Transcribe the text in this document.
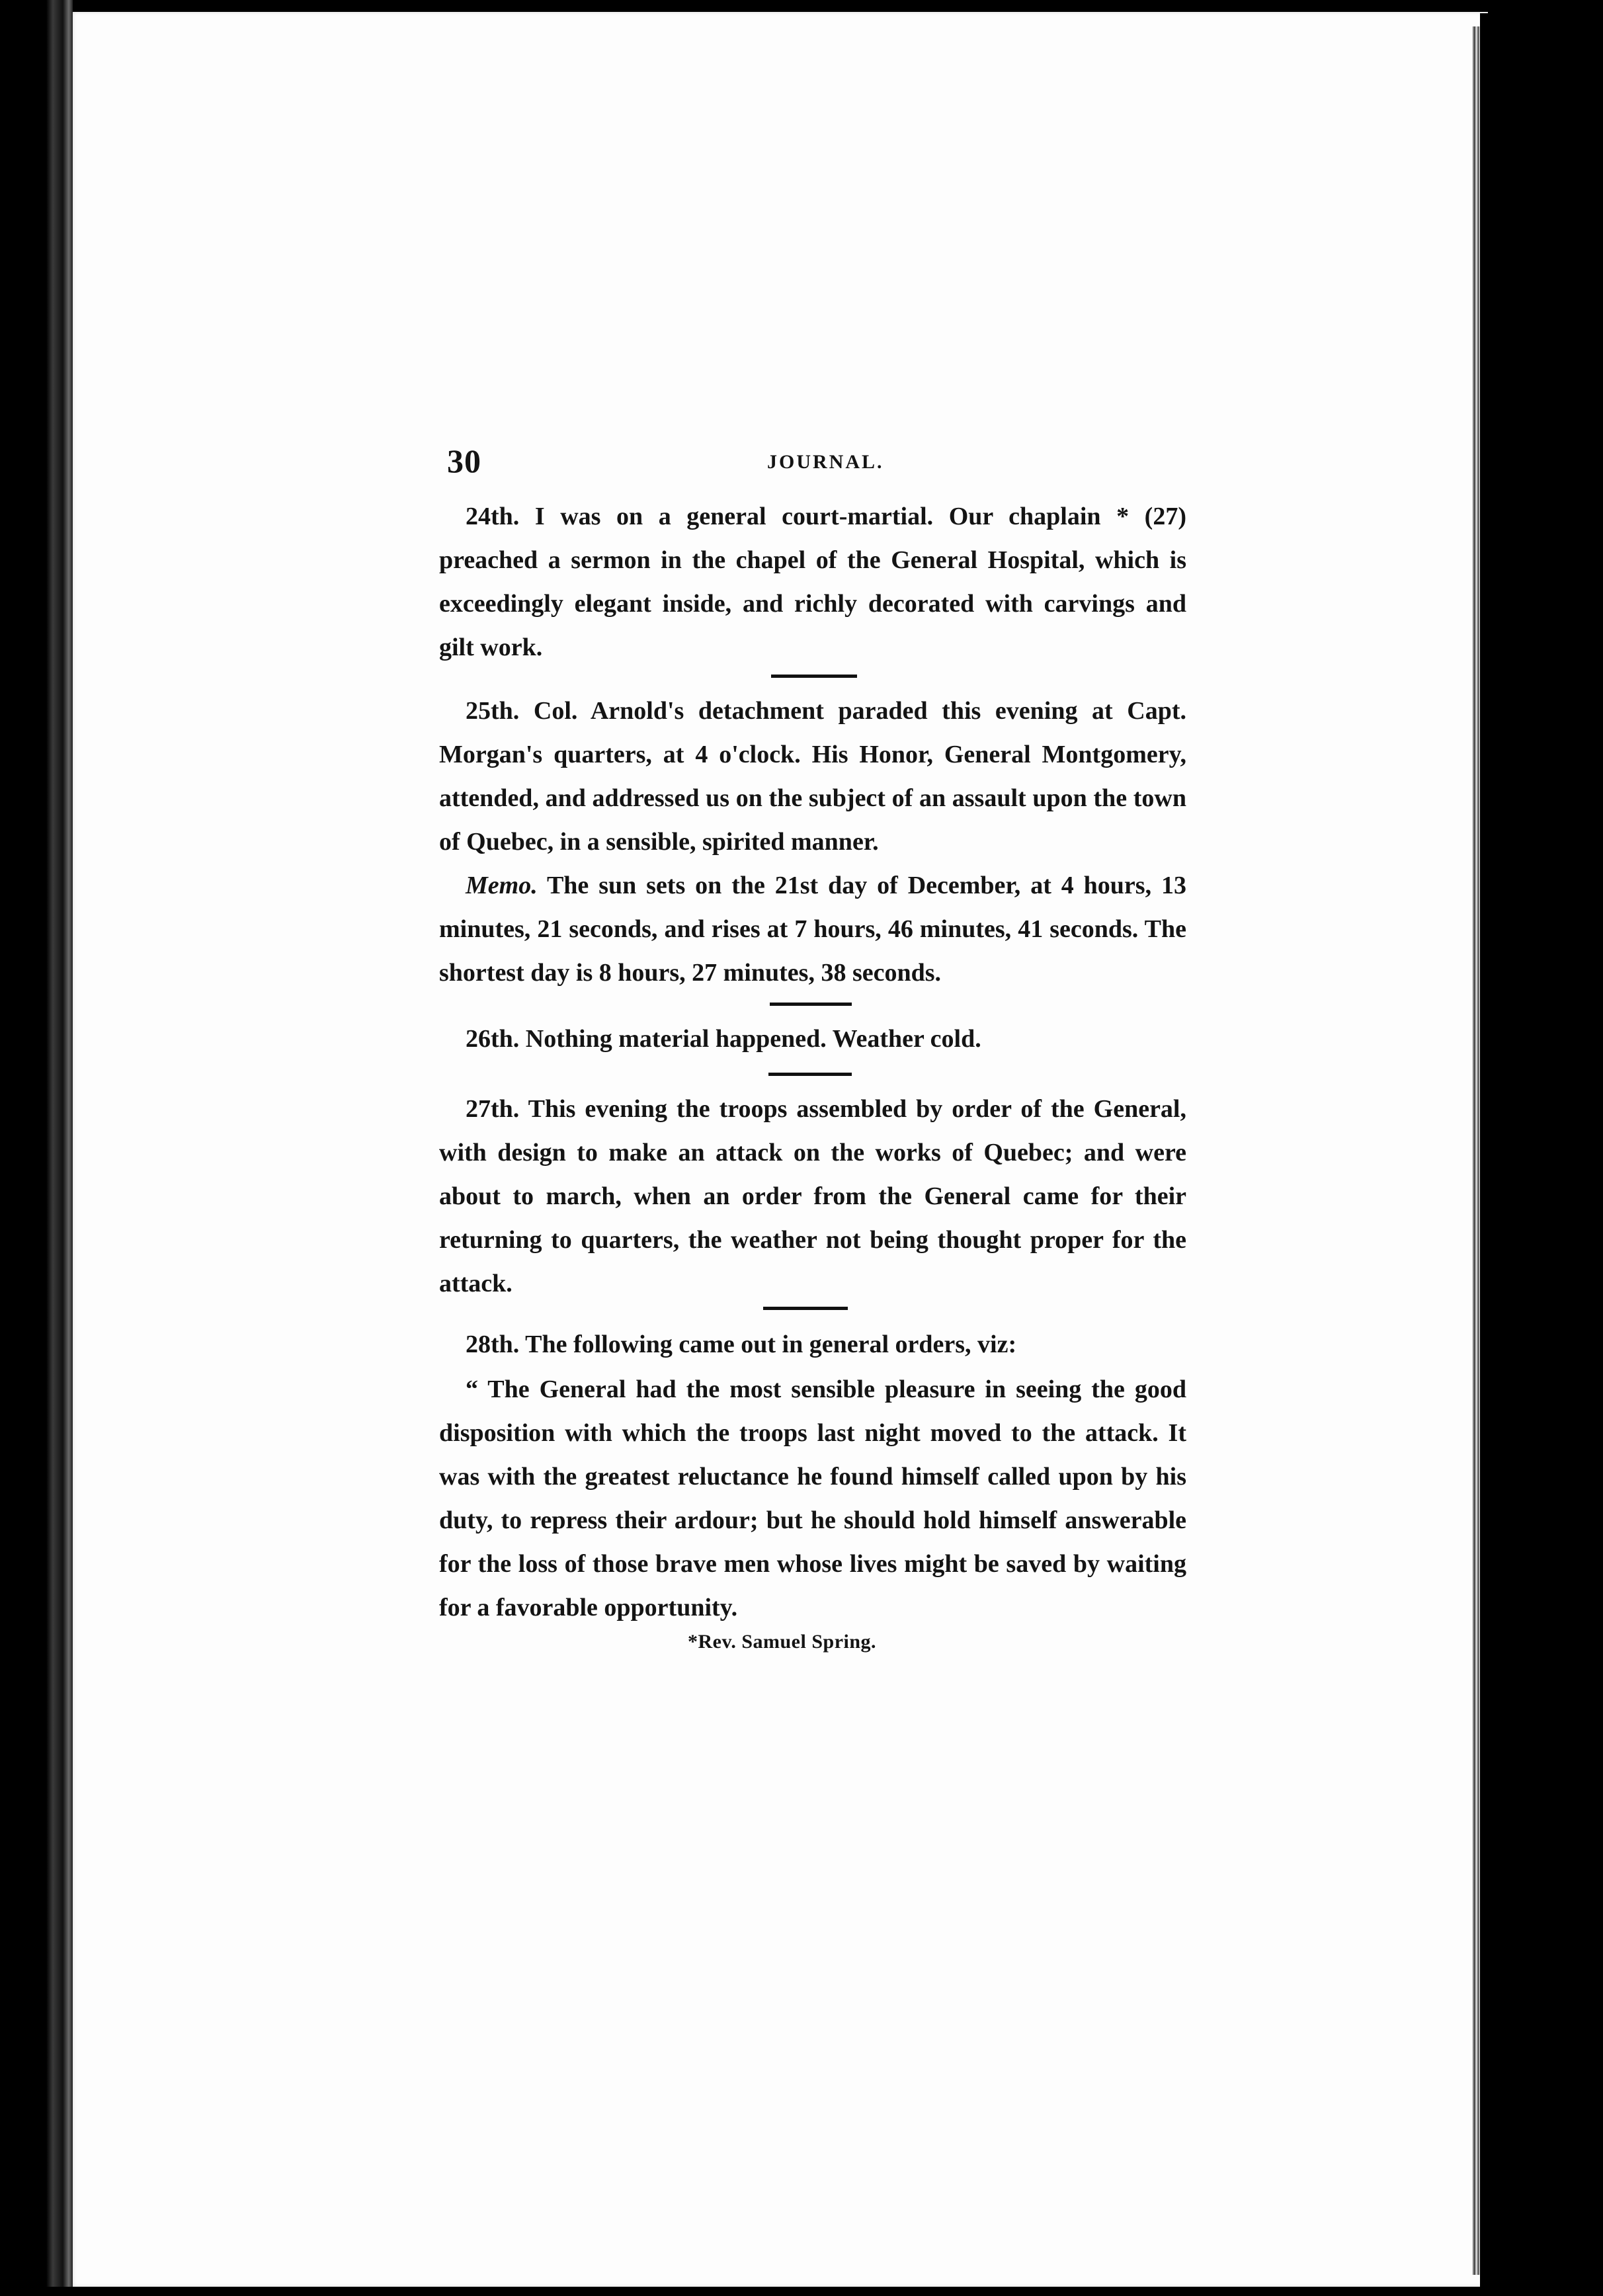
30	JOURNAL.

24th. I was on a general court-martial. Our chaplain * (27) preached a sermon in the chapel of the General Hospital, which is exceedingly elegant inside, and richly decorated with carvings and gilt work.

25th. Col. Arnold's detachment paraded this evening at Capt. Morgan's quarters, at 4 o'clock. His Honor, General Montgomery, attended, and addressed us on the subject of an assault upon the town of Quebec, in a sensible, spirited manner.

Memo. The sun sets on the 21st day of December, at 4 hours, 13 minutes, 21 seconds, and rises at 7 hours, 46 minutes, 41 seconds. The shortest day is 8 hours, 27 minutes, 38 seconds.

26th. Nothing material happened. Weather cold.

27th. This evening the troops assembled by order of the General, with design to make an attack on the works of Quebec; and were about to march, when an order from the General came for their returning to quarters, the weather not being thought proper for the attack.

28th. The following came out in general orders, viz:

“ The General had the most sensible pleasure in seeing the good disposition with which the troops last night moved to the attack. It was with the greatest reluctance he found himself called upon by his duty, to repress their ardour; but he should hold himself answerable for the loss of those brave men whose lives might be saved by waiting for a favorable opportunity.

*Rev. Samuel Spring.
